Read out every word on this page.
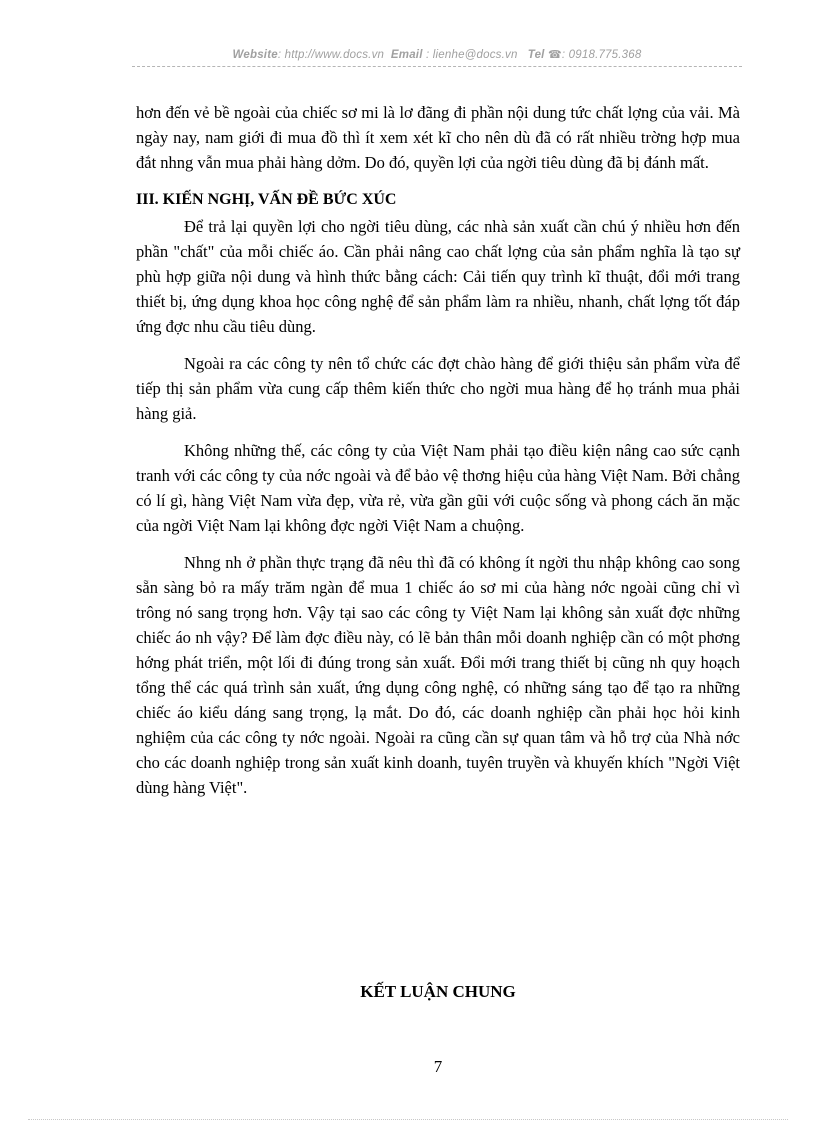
Website: http://www.docs.vn Email : lienhe@docs.vn Tel ☎: 0918.775.368

hơn đến vẻ bề ngoài của chiếc sơ mi là lơ đãng đi phần nội dung tức chất lợng của vải. Mà ngày nay, nam giới đi mua đồ thì ít xem xét kĩ cho nên dù đã có rất nhiều trờng hợp mua đắt nhng vẫn mua phải hàng dởm. Do đó, quyền lợi của ngời tiêu dùng đã bị đánh mất.

III. KIẾN NGHỊ, VẤN ĐỀ BỨC XÚC

Để trả lại quyền lợi cho ngời tiêu dùng, các nhà sản xuất cần chú ý nhiều hơn đến phần "chất" của mỗi chiếc áo. Cần phải nâng cao chất lợng của sản phẩm nghĩa là tạo sự phù hợp giữa nội dung và hình thức bằng cách: Cải tiến quy trình kĩ thuật, đổi mới trang thiết bị, ứng dụng khoa học công nghệ để sản phẩm làm ra nhiều, nhanh, chất lợng tốt đáp ứng đợc nhu cầu tiêu dùng.

Ngoài ra các công ty nên tổ chức các đợt chào hàng để giới thiệu sản phẩm vừa để tiếp thị sản phẩm vừa cung cấp thêm kiến thức cho ngời mua hàng để họ tránh mua phải hàng giả.

Không những thế, các công ty của Việt Nam phải tạo điều kiện nâng cao sức cạnh tranh với các công ty của nớc ngoài và để bảo vệ thơng hiệu của hàng Việt Nam. Bởi chẳng có lí gì, hàng Việt Nam vừa đẹp, vừa rẻ, vừa gần gũi với cuộc sống và phong cách ăn mặc của ngời Việt Nam lại không đợc ngời Việt Nam a chuộng.

Nhng nh ở phần thực trạng đã nêu thì đã có không ít ngời thu nhập không cao song sẵn sàng bỏ ra mấy trăm ngàn để mua 1 chiếc áo sơ mi của hàng nớc ngoài cũng chỉ vì trông nó sang trọng hơn. Vậy tại sao các công ty Việt Nam lại không sản xuất đợc những chiếc áo nh vậy? Để làm đợc điều này, có lẽ bản thân mỗi doanh nghiệp cần có một phơng hớng phát triển, một lối đi đúng trong sản xuất. Đổi mới trang thiết bị cũng nh quy hoạch tổng thể các quá trình sản xuất, ứng dụng công nghệ, có những sáng tạo để tạo ra những chiếc áo kiểu dáng sang trọng, lạ mắt. Do đó, các doanh nghiệp cần phải học hỏi kinh nghiệm của các công ty nớc ngoài. Ngoài ra cũng cần sự quan tâm và hỗ trợ của Nhà nớc cho các doanh nghiệp trong sản xuất kinh doanh, tuyên truyền và khuyến khích "Ngời Việt dùng hàng Việt".

KẾT LUẬN CHUNG
7
